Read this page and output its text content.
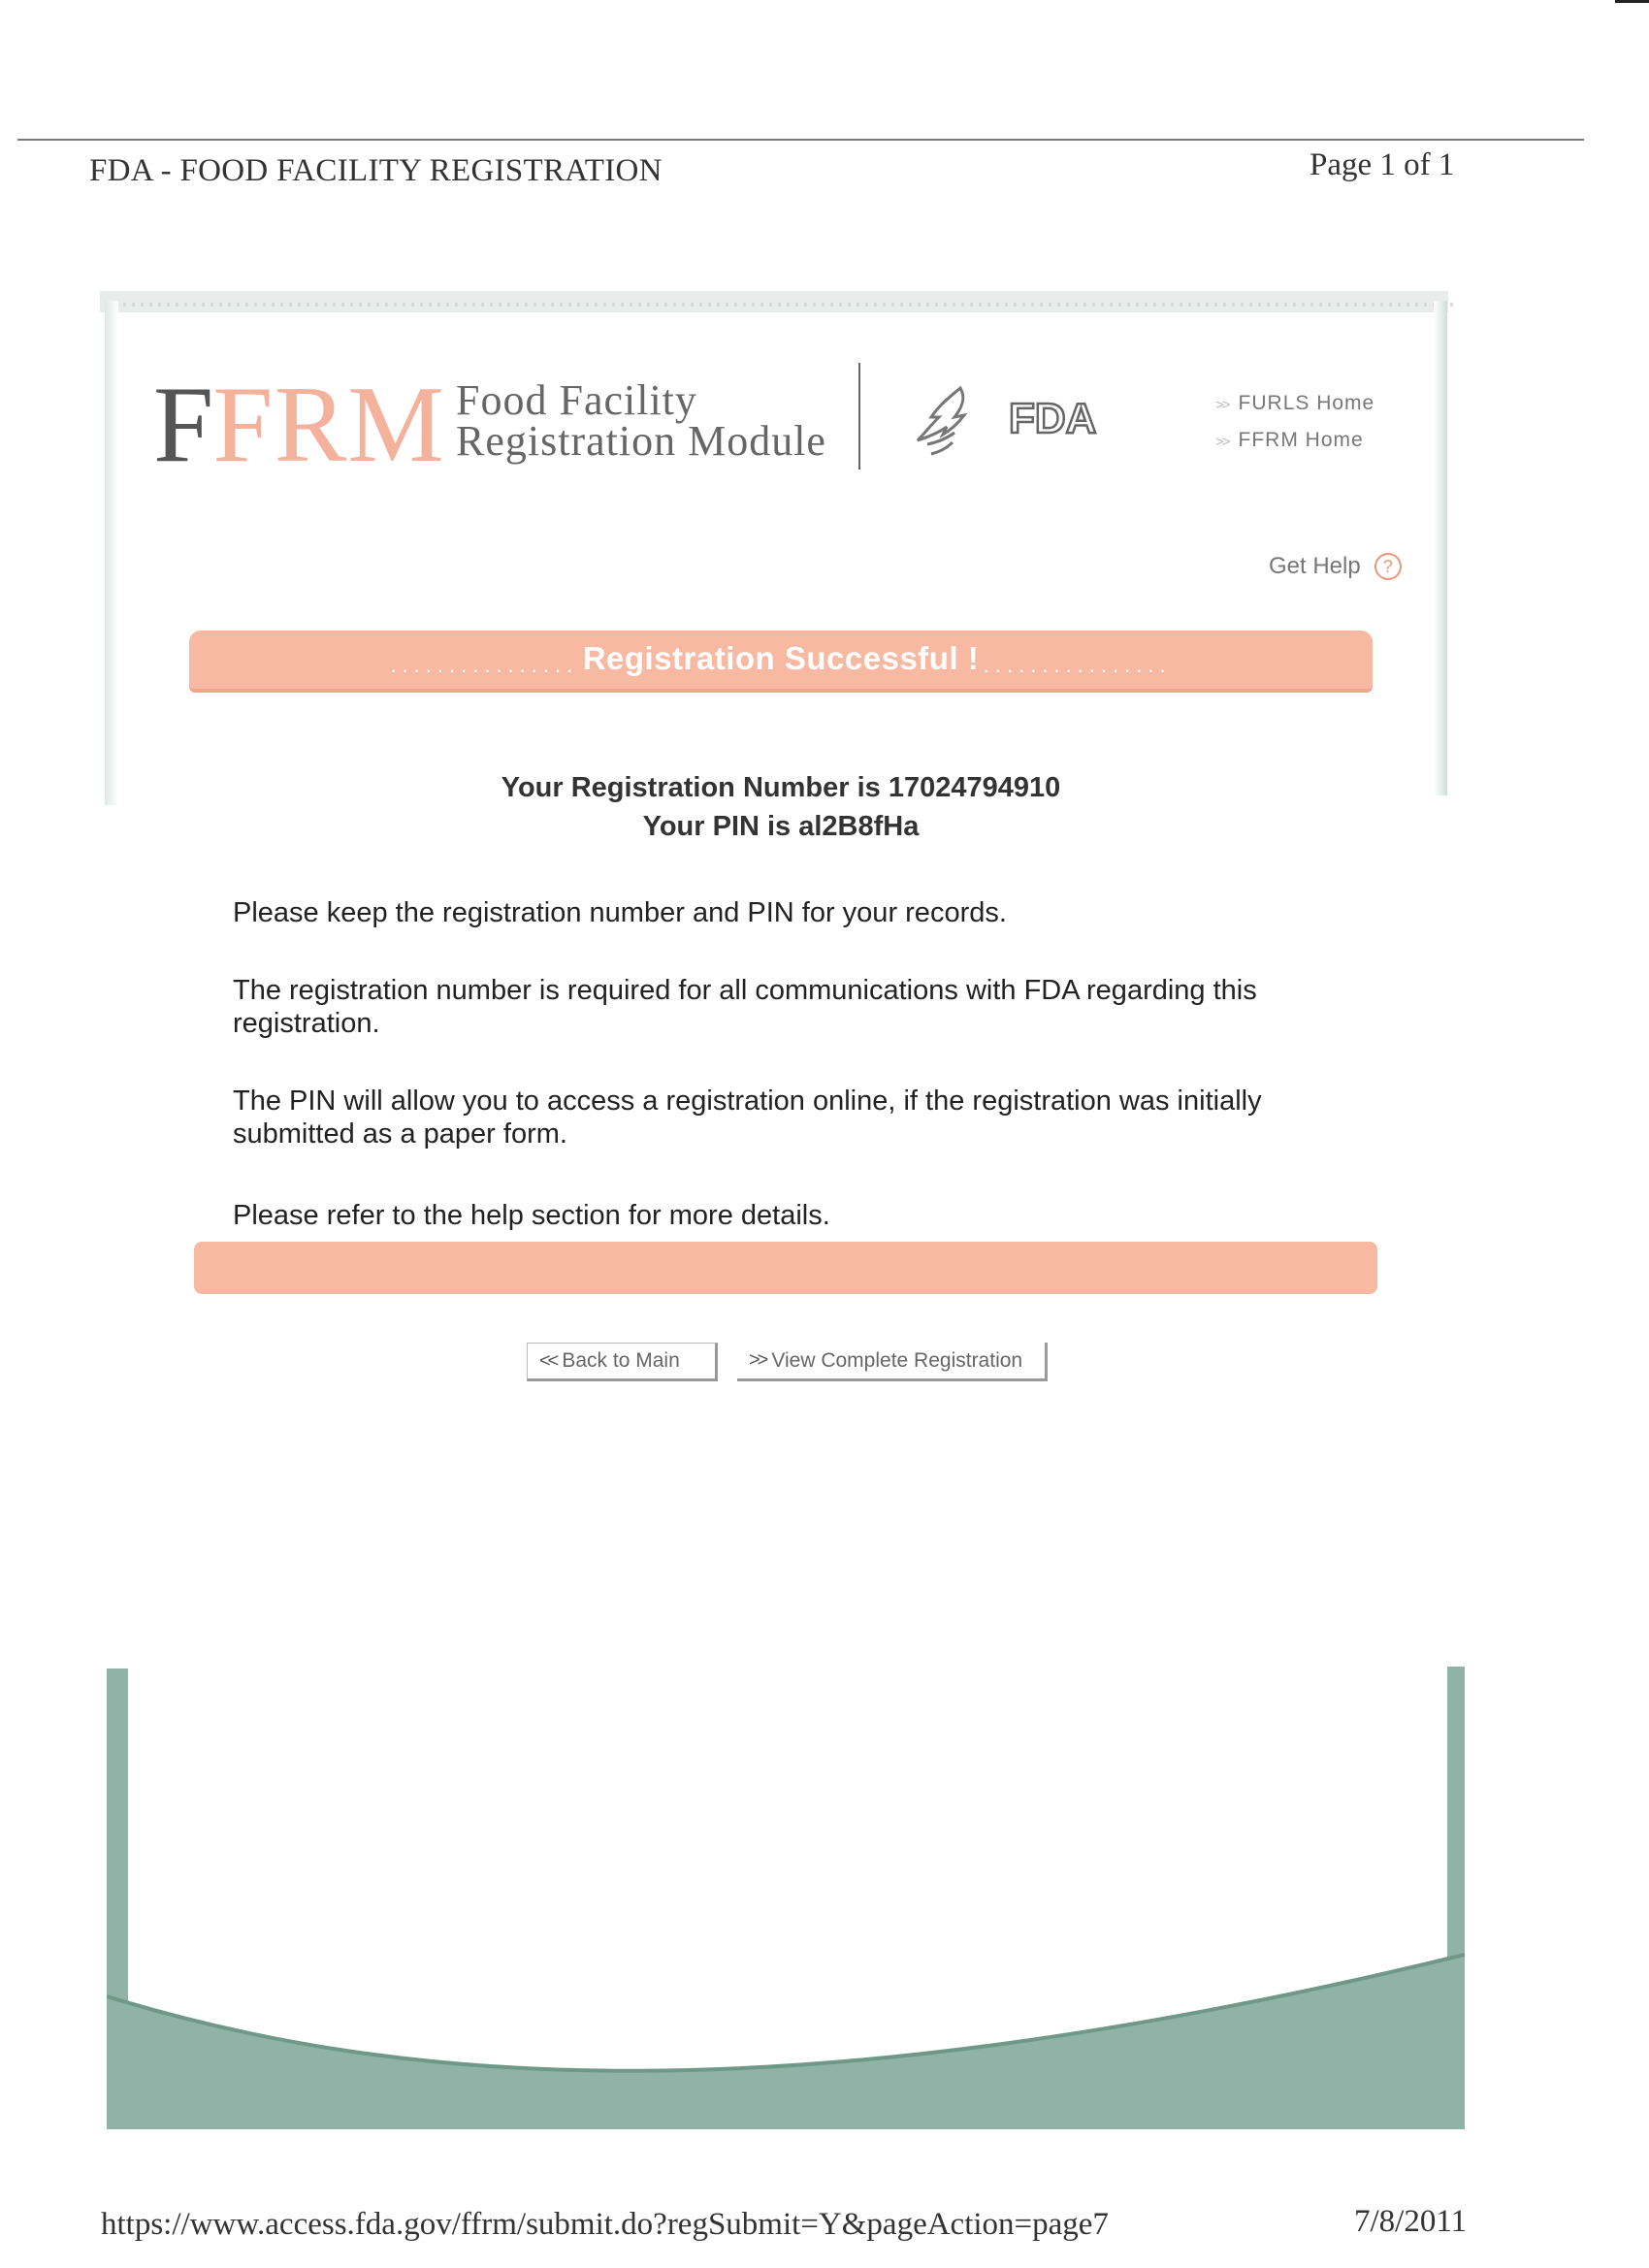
FDA - FOOD FACILITY REGISTRATION	Page 1 of 1
F FRM Food Facility
Registration Module	FDA	>> FURLS Home
>> FFRM Home
Get Help	?
................ Registration Successful ! ................
Your Registration Number is 17024794910
Your PIN is al2B8fHa
Please keep the registration number and PIN for your records.
The registration number is required for all communications with FDA regarding this registration.
The PIN will allow you to access a registration online, if the registration was initially submitted as a paper form.
Please refer to the help section for more details.
<< Back to Main	>> View Complete Registration
https://www.access.fda.gov/ffrm/submit.do?regSubmit=Y&pageAction=page7	7/8/2011
